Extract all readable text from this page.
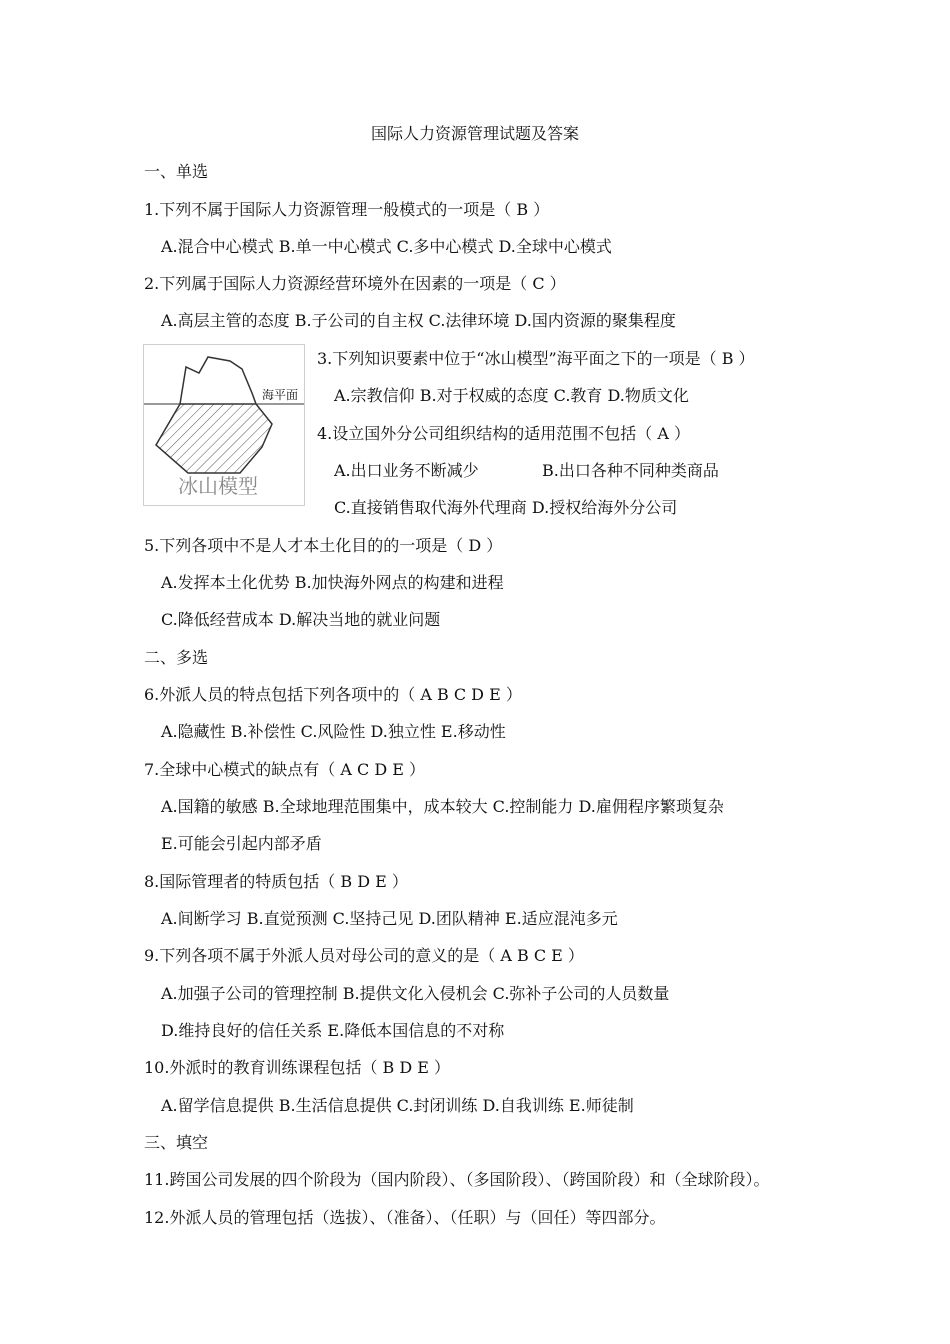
国际人力资源管理试题及答案
一、单选
1.下列不属于国际人力资源管理一般模式的一项是（ B ）
A.混合中心模式 B.单一中心模式 C.多中心模式 D.全球中心模式
2.下列属于国际人力资源经营环境外在因素的一项是（ C ）
A.高层主管的态度 B.子公司的自主权 C.法律环境 D.国内资源的聚集程度
海平面
冰山模型
3.下列知识要素中位于“冰山模型”海平面之下的一项是（ B ）
A.宗教信仰 B.对于权威的态度 C.教育 D.物质文化
4.设立国外分公司组织结构的适用范围不包括（ A ）
A.出口业务不断减少	B.出口各种不同种类商品
C.直接销售取代海外代理商 D.授权给海外分公司
5.下列各项中不是人才本土化目的的一项是（ D ）
A.发挥本土化优势 B.加快海外网点的构建和进程
C.降低经营成本 D.解决当地的就业问题
二、多选
6.外派人员的特点包括下列各项中的（ A B C D E ）
A.隐藏性 B.补偿性 C.风险性 D.独立性 E.移动性
7.全球中心模式的缺点有（ A C D E ）
A.国籍的敏感 B.全球地理范围集中，成本较大 C.控制能力 D.雇佣程序繁琐复杂
E.可能会引起内部矛盾
8.国际管理者的特质包括（ B D E ）
A.间断学习 B.直觉预测 C.坚持己见 D.团队精神 E.适应混沌多元
9.下列各项不属于外派人员对母公司的意义的是（ A B C E ）
A.加强子公司的管理控制 B.提供文化入侵机会 C.弥补子公司的人员数量
D.维持良好的信任关系 E.降低本国信息的不对称
10.外派时的教育训练课程包括（ B D E ）
A.留学信息提供 B.生活信息提供 C.封闭训练 D.自我训练 E.师徒制
三、填空
11.跨国公司发展的四个阶段为（国内阶段）、（多国阶段）、（跨国阶段）和（全球阶段）。
12.外派人员的管理包括（选拔）、（准备）、（任职）与（回任）等四部分。
